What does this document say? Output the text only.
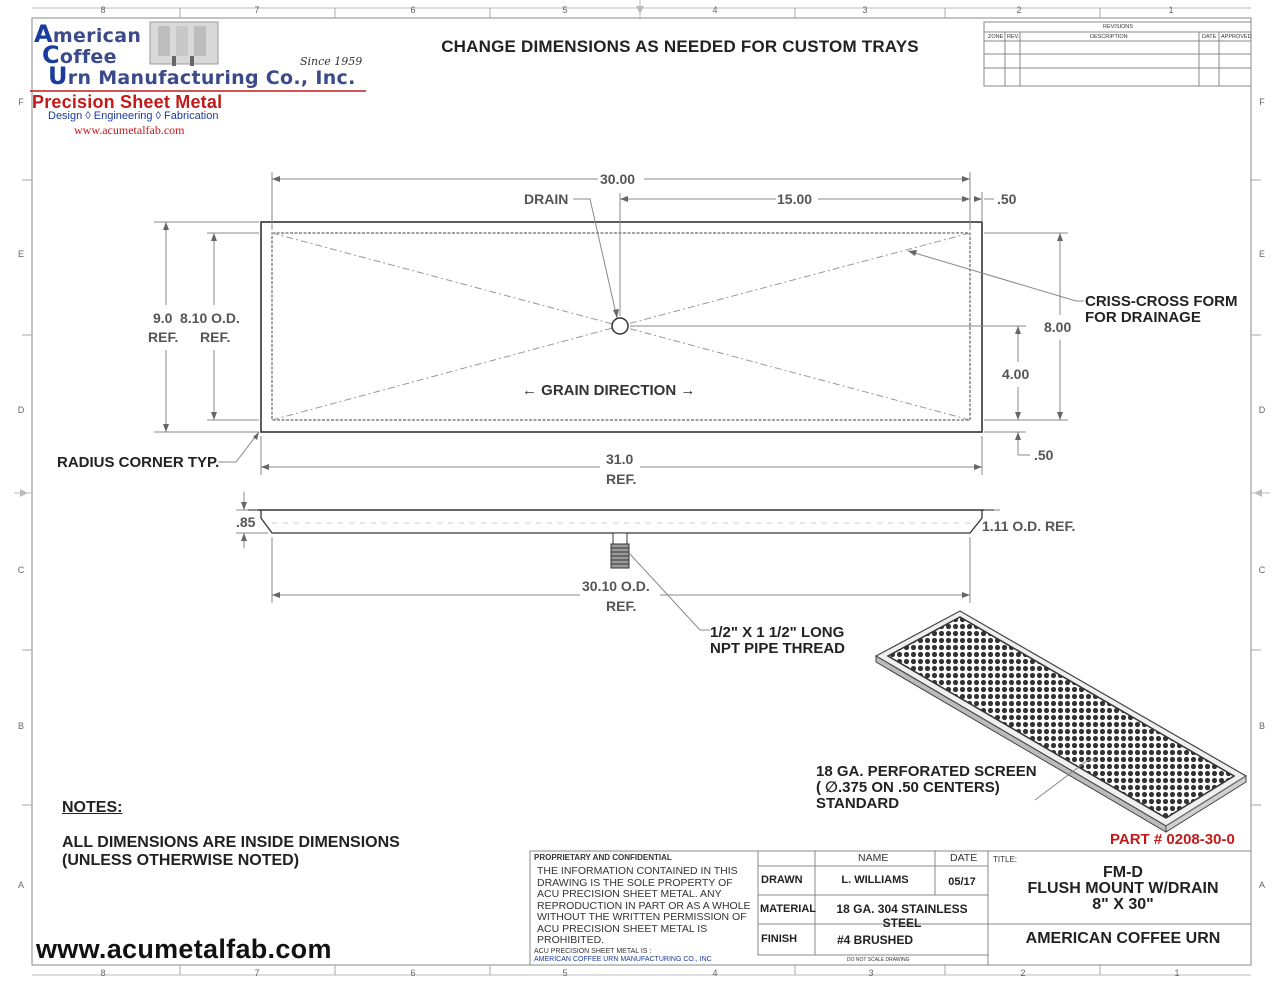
8	7	6	5	4	3	2	1
8	7	6	5	4	3	2	1
F
E
D
C
B
A
F
E
D
C
B
A
American
Coffee
Urn Manufacturing Co., Inc.
Since 1959
Precision Sheet Metal
Design ◊ Engineering ◊ Fabrication
www.acumetalfab.com
CHANGE DIMENSIONS AS NEEDED FOR CUSTOM TRAYS
REVISIONS
ZONE REV.	DESCRIPTION	DATE APPROVED
30.00
DRAIN	15.00	.50
9.0
REF.
8.10 O.D.
REF.
8.00
4.00
← GRAIN DIRECTION →
.50
31.0
REF.
.85	1.11 O.D. REF.
30.10 O.D.
REF.
CRISS-CROSS FORM
FOR DRAINAGE
RADIUS CORNER TYP.
1/2" X 1 1/2" LONG
NPT PIPE THREAD
18 GA. PERFORATED SCREEN
( ∅.375 ON .50 CENTERS)
STANDARD
NOTES:
ALL DIMENSIONS ARE INSIDE DIMENSIONS
(UNLESS OTHERWISE NOTED)
www.acumetalfab.com
PART # 0208-30-0
PROPRIETARY AND CONFIDENTIAL
THE INFORMATION CONTAINED IN THIS
DRAWING IS THE SOLE PROPERTY OF
ACU PRECISION SHEET METAL. ANY
REPRODUCTION IN PART OR AS A WHOLE
WITHOUT THE WRITTEN PERMISSION OF
ACU PRECISION SHEET METAL IS
PROHIBITED.
ACU PRECISION SHEET METAL IS :
AMERICAN COFFEE URN MANUFACTURING CO., INC
NAME	DATE
DRAWN	L. WILLIAMS	05/17
MATERIAL	18 GA. 304 STAINLESS STEEL
FINISH	#4 BRUSHED
DO NOT SCALE DRAWING
TITLE:
FM-D
FLUSH MOUNT W/DRAIN
8" X 30"
AMERICAN COFFEE URN
